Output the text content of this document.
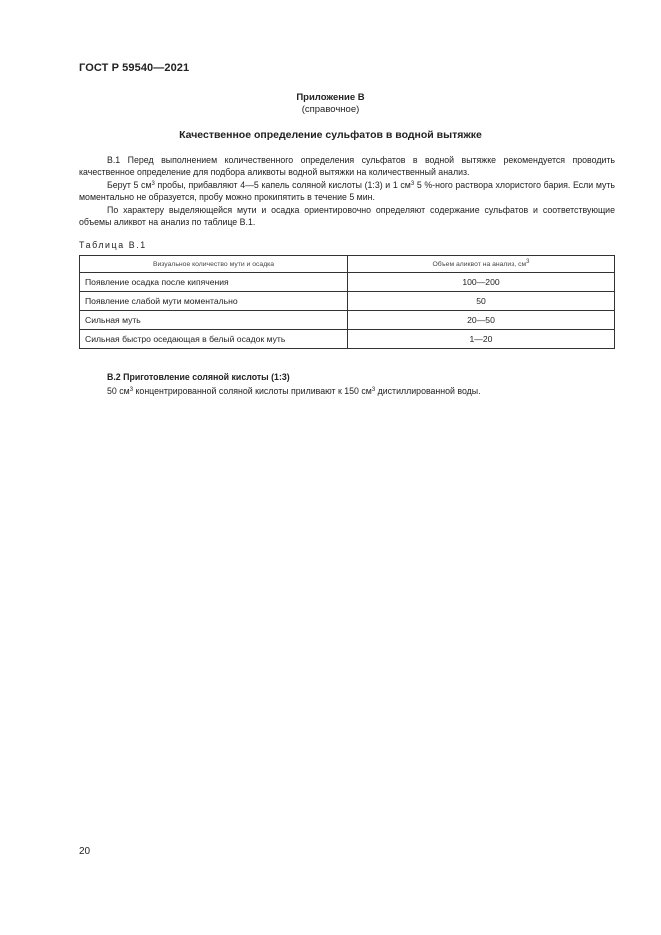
ГОСТ Р 59540—2021
Приложение В
(справочное)
Качественное определение сульфатов в водной вытяжке

В.1 Перед выполнением количественного определения сульфатов в водной вытяжке рекомендуется проводить качественное определение для подбора аликвоты водной вытяжки на количественный анализ.

Берут 5 $см^3$ пробы, прибавляют 4—5 капель соляной кислоты (1:3) и 1 $см^3$ 5 %-ного раствора хлористого бария. Если муть моментально не образуется, пробу можно прокипятить в течение 5 мин.

По характеру выделяющейся мути и осадка ориентировочно определяют содержание сульфатов и соответствующие объемы аликвот на анализ по таблице В.1.

Таблица В.1
Визуальное количество мути и осадка	Объем аликвот на анализ, $см^3$
Появление осадка после кипячения	100—200
Появление слабой мути моментально	50
Сильная муть	20—50
Сильная быстро оседающая в белый осадок муть	1—20
В.2 Приготовление соляной кислоты (1:3)
50 $см^3$ концентрированной соляной кислоты приливают к 150 $см^3$ дистиллированной воды.
20
